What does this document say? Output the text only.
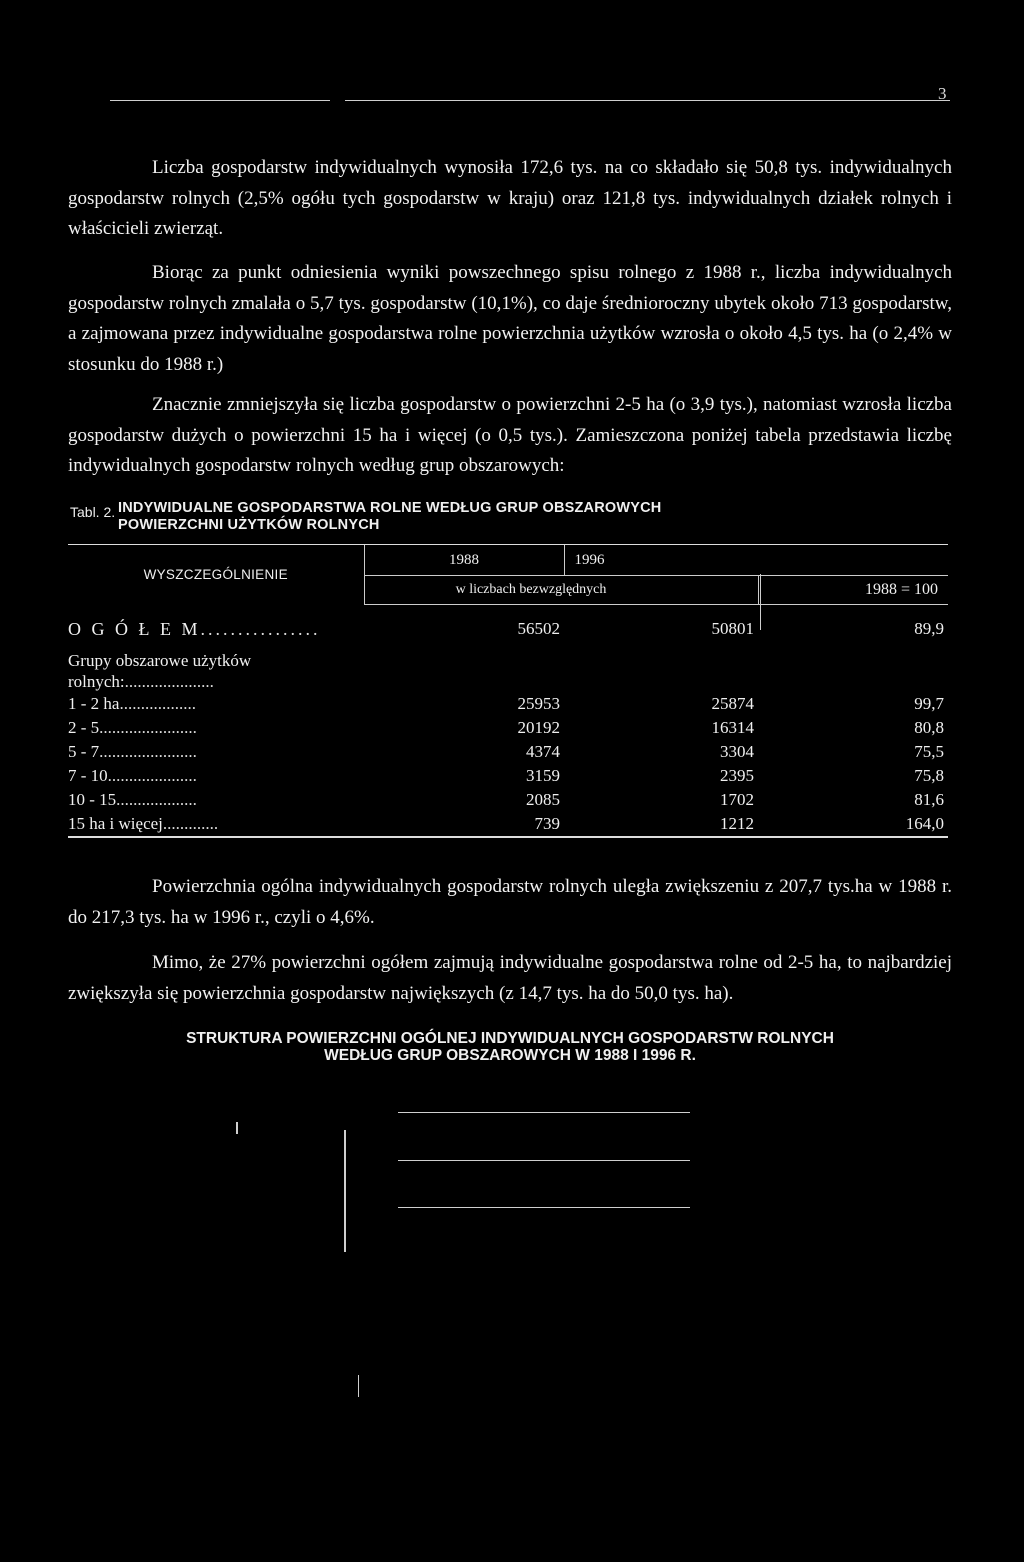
3
Liczba gospodarstw indywidualnych wynosiła 172,6 tys. na co składało się 50,8 tys. indywidualnych gospodarstw rolnych (2,5% ogółu tych gospodarstw w kraju) oraz 121,8 tys. indywidualnych działek rolnych i właścicieli zwierząt.
Biorąc za punkt odniesienia wyniki powszechnego spisu rolnego z 1988 r., liczba indywidualnych gospodarstw rolnych zmalała o 5,7 tys. gospodarstw (10,1%), co daje średnioroczny ubytek około 713 gospodarstw, a zajmowana przez indywidualne gospodarstwa rolne powierzchnia użytków wzrosła o około 4,5 tys. ha (o 2,4% w stosunku do 1988 r.)
Znacznie zmniejszyła się liczba gospodarstw o powierzchni 2-5 ha (o 3,9 tys.), natomiast wzrosła liczba gospodarstw dużych o powierzchni 15 ha i więcej (o 0,5 tys.). Zamieszczona poniżej tabela przedstawia liczbę indywidualnych gospodarstw rolnych według grup obszarowych:
Tabl. 2. INDYWIDUALNE GOSPODARSTWA ROLNE WEDŁUG GRUP OBSZAROWYCH
POWIERZCHNI UŻYTKÓW ROLNYCH
WYSZCZEGÓLNIENIE	1988	1996	
	w liczbach bezwzględnych		1988 = 100
O G Ó Ł E M................	56502	50801	89,9

Grupy obszarowe użytków
rolnych:.....................			

1 - 2 ha..................	25953	25874	99,7
2 - 5.......................	20192	16314	80,8
5 - 7.......................	4374	3304	75,5
7 - 10.....................	3159	2395	75,8
10 - 15...................	2085	1702	81,6
15 ha i więcej.............	739	1212	164,0
Powierzchnia ogólna indywidualnych gospodarstw rolnych uległa zwiększeniu z 207,7 tys.ha w 1988 r. do 217,3 tys. ha w 1996 r., czyli o 4,6%.
Mimo, że 27% powierzchni ogółem zajmują indywidualne gospodarstwa rolne od 2-5 ha, to najbardziej zwiększyła się powierzchnia gospodarstw największych (z 14,7 tys. ha do 50,0 tys. ha).
STRUKTURA POWIERZCHNI OGÓLNEJ INDYWIDUALNYCH GOSPODARSTW ROLNYCH
WEDŁUG GRUP OBSZAROWYCH W 1988 I 1996 R.
